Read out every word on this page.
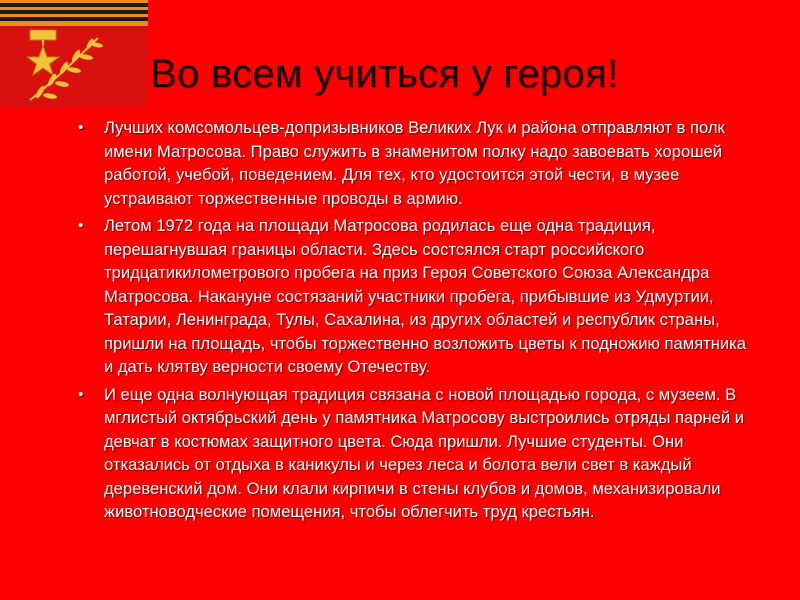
Во всем учиться у героя!
• Лучших комсомольцев-допризывников Великих Лук и района отправляют в полк имени Матросова. Право служить в знаменитом полку надо завоевать хорошей работой, учебой, поведением. Для тех, кто удостоится этой чести, в музее устраивают торжественные проводы в армию.
• Летом 1972 года на площади Матросова родилась еще одна традиция, перешагнувшая границы области. Здесь состсялся старт российского тридцатикилометрового пробега на приз Героя Советского Союза Александра Матросова. Накануне состязаний участники пробега, прибывшие из Удмуртии, Татарии, Ленинграда, Тулы, Сахалина, из других областей и республик страны, пришли на площадь, чтобы торжественно возложить цветы к подножию памятника и дать клятву верности своему Отечеству.
• И еще одна волнующая традиция связана с новой площадью города, с музеем. В мглистый октябрьский день у памятника Матросову выстроились отряды парней и девчат в костюмах защитного цвета. Сюда пришли. Лучшие студенты. Они отказались от отдыха в каникулы и через леса и болота вели свет в каждый деревенский дом. Они клали кирпичи в стены клубов и домов, механизировали животноводческие помещения, чтобы облегчить труд крестьян.
